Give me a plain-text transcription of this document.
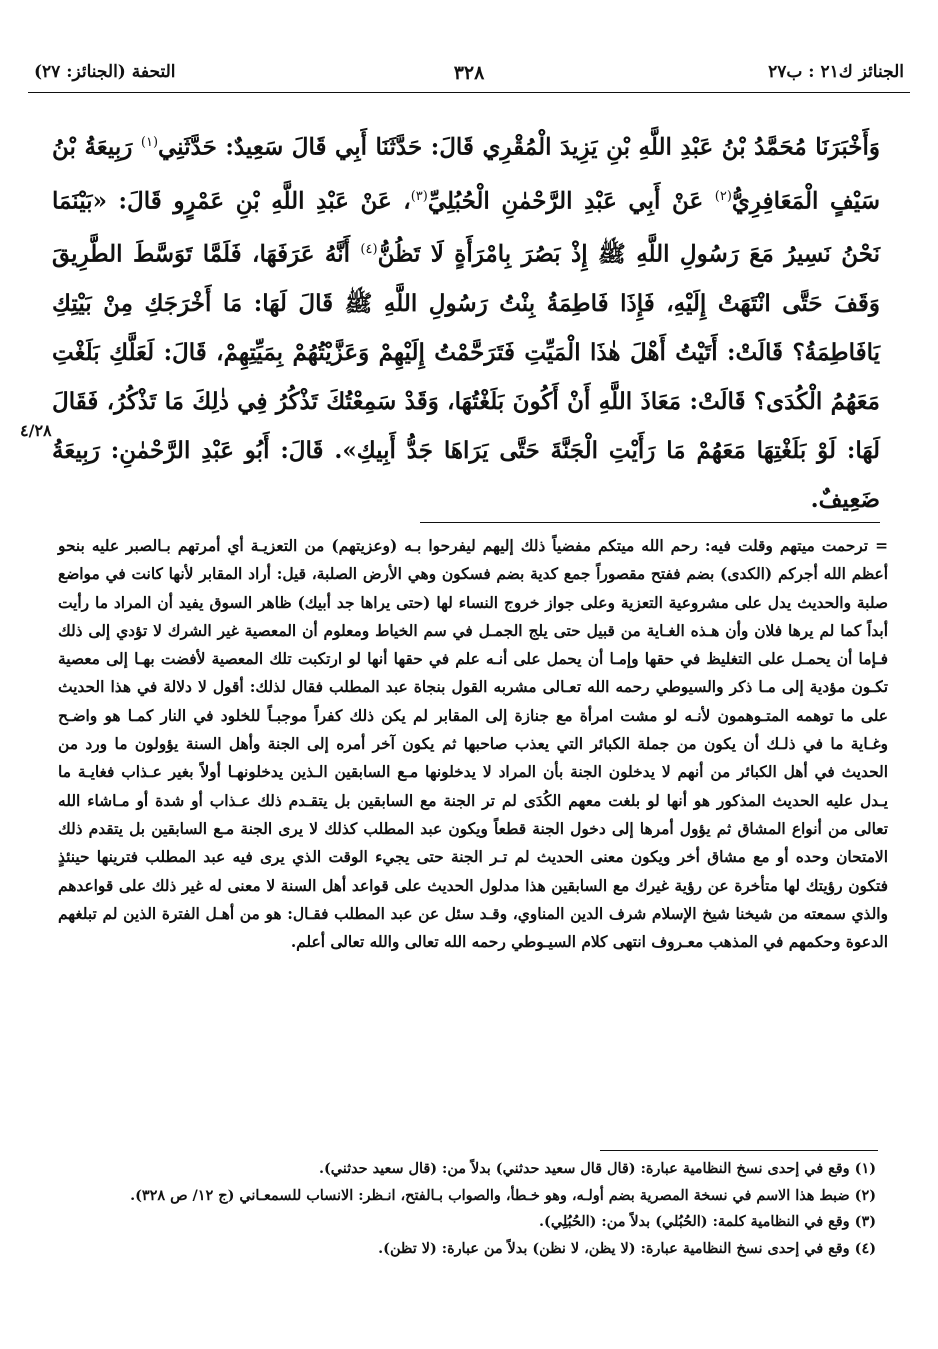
الجنائز ك٢١ : ب٢٧
٣٢٨
التحفة (الجنائز: ٢٧)
وَأَخْبَرَنَا مُحَمَّدُ بْنُ عَبْدِ اللَّهِ بْنِ يَزِيدَ الْمُقْرِي قَالَ: حَدَّثَنَا أَبِي قَالَ سَعِيدٌ: حَدَّثَنِي$^{(١)}$ رَبِيعَةُ بْنُ سَيْفٍ الْمَعَافِرِيُّ$^{(٢)}$ عَنْ أَبِي عَبْدِ الرَّحْمٰنِ الْحُبُلِيِّ$^{(٣)}$، عَنْ عَبْدِ اللَّهِ بْنِ عَمْرٍو قَالَ: «بَيْنَمَا نَحْنُ نَسِيرُ مَعَ رَسُولِ اللَّهِ ﷺ إِذْ بَصُرَ بِامْرَأَةٍ لَا تَظُنُّ$^{(٤)}$ أَنَّهُ عَرَفَهَا، فَلَمَّا تَوَسَّطَ الطَّرِيقَ وَقَفَ حَتَّى انْتَهَتْ إِلَيْهِ، فَإِذَا فَاطِمَةُ بِنْتُ رَسُولِ اللَّهِ ﷺ قَالَ لَهَا: مَا أَخْرَجَكِ مِنْ بَيْتِكِ يَافَاطِمَةُ؟ قَالَتْ: أَتَيْتُ أَهْلَ هٰذَا الْمَيِّتِ فَتَرَحَّمْتُ إِلَيْهِمْ وَعَزَّيْتُهُمْ بِمَيِّتِهِمْ، قَالَ: لَعَلَّكِ بَلَغْتِ مَعَهُمُ الْكُدَى؟ قَالَتْ: مَعَاذَ اللَّهِ أَنْ أَكُونَ بَلَغْتُهَا، وَقَدْ سَمِعْتُكَ تَذْكُرُ فِي ذٰلِكَ مَا تَذْكُرُ، فَقَالَ لَهَا: لَوْ بَلَغْتِهَا مَعَهُمْ مَا رَأَيْتِ الْجَنَّةَ حَتَّى يَرَاهَا جَدُّ أَبِيكِ». قَالَ: أَبُو عَبْدِ الرَّحْمٰنِ: رَبِيعَةُ ضَعِيفٌ.
٤/٢٨
= ترحمت ميتهم وقلت فيه: رحم الله ميتكم مفضياً ذلك إليهم ليفرحوا بـه (وعزيتهم) من التعزيـة أي أمرتهم بـالصبر عليه بنحو أعظم الله أجركم (الكدى) بضم ففتح مقصوراً جمع كدية بضم فسكون وهي الأرض الصلبة، قيل: أراد المقابر لأنها كانت في مواضع صلبة والحديث يدل على مشروعية التعزية وعلى جواز خروج النساء لها (حتى يراها جد أبيك) ظاهر السوق يفيد أن المراد ما رأيت أبداً كما لم يرها فلان وأن هـذه الغـاية من قبيل حتى يلج الجمـل في سم الخياط ومعلوم أن المعصية غير الشرك لا تؤدي إلى ذلك فـإما أن يحمـل على التغليظ في حقها وإمـا أن يحمل على أنـه علم في حقها أنها لو ارتكبت تلك المعصية لأفضت بهـا إلى معصية تكـون مؤدية إلى مـا ذكر والسيوطي رحمه الله تعـالى مشربه القول بنجاة عبد المطلب فقال لذلك: أقول لا دلالة في هذا الحديث على ما توهمه المتـوهمون لأنـه لو مشت امرأة مع جنازة إلى المقابر لم يكن ذلك كفراً موجبـاً للخلود في النار كمـا هو واضـح وغـاية ما في ذلـك أن يكون من جملة الكبائر التي يعذب صاحبها ثم يكون آخر أمره إلى الجنة وأهل السنة يؤولون ما ورد من الحديث في أهل الكبائر من أنهم لا يدخلون الجنة بأن المراد لا يدخلونها مـع السابقين الـذين يدخلونهـا أولاً بغير عـذاب فغايـة ما يـدل عليه الحديث المذكور هو أنها لو بلغت معهم الكُدَى لم تر الجنة مع السابقين بل يتقـدم ذلك عـذاب أو شدة أو مـاشاء الله تعالى من أنواع المشاق ثم يؤول أمرها إلى دخول الجنة قطعاً ويكون عبد المطلب كذلك لا يرى الجنة مـع السابقين بل يتقدم ذلك الامتحان وحده أو مع مشاق أخر ويكون معنى الحديث لم تـر الجنة حتى يجيء الوقت الذي يرى فيه عبد المطلب فترينها حينئذٍ فتكون رؤيتك لها متأخرة عن رؤية غيرك مع السابقين هذا مدلول الحديث على قواعد أهل السنة لا معنى له غير ذلك على قواعدهم والذي سمعته من شيخنا شيخ الإسلام شرف الدين المناوي، وقـد سئل عن عبد المطلب فقـال: هو من أهـل الفترة الذين لم تبلغهم الدعوة وحكمهم في المذهب معـروف انتهى كلام السيـوطي رحمه الله تعالى والله تعالى أعلم.
(١) وقع في إحدى نسخ النظامية عبارة: (قال قال سعيد حدثني) بدلاً من: (قال سعيد حدثني).
(٢) ضبط هذا الاسم في نسخة المصرية بضم أولـه، وهو خـطأ، والصواب بـالفتح، انـظر: الانساب للسمعـاني (ج ١٢/ ص ٣٢٨).
(٣) وقع في النظامية كلمة: (الحُبُلي) بدلاً من: (الحُبُلِي).
(٤) وقع في إحدى نسخ النظامية عبارة: (لا يظن، لا نظن) بدلاً من عبارة: (لا تظن).
